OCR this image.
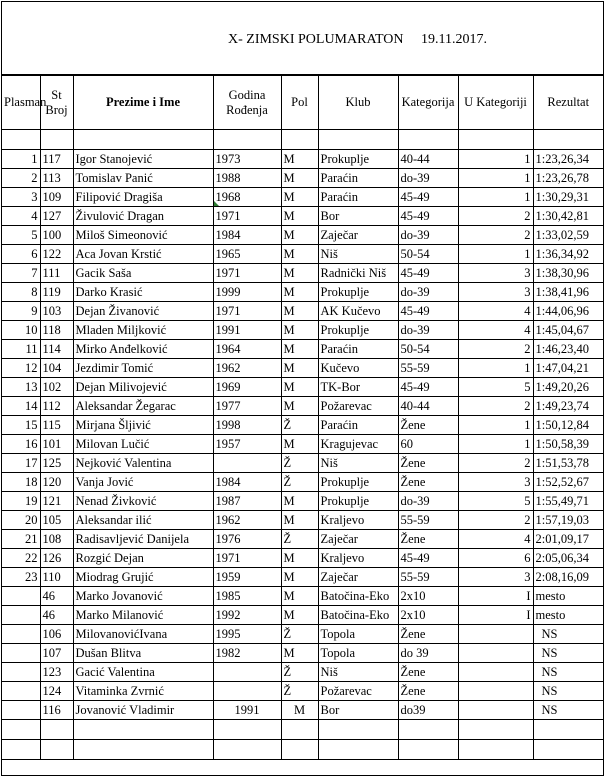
X- ZIMSKI POLUMARATON     19.11.2017.
Plasman	St Broj	Prezime i Ime	Godina Rođenja	Pol	Klub	Kategorija	U Kategoriji	Rezultat

1	117	Igor Stanojević	1973	M	Prokuplje	40-44	1	1:23,26,34
2	113	Tomislav Panić	1988	M	Paraćin	do-39	1	1:23,26,78
3	109	Filipović Dragiša	1968	M	Paraćin	45-49	1	1:30,29,31
4	127	Živulović Dragan	1971	M	Bor	45-49	2	1:30,42,81
5	100	Miloš Simeonović	1984	M	Zaječar	do-39	2	1:33,02,59
6	122	Aca Jovan Krstić	1965	M	Niš	50-54	1	1:36,34,92
7	111	Gacik Saša	1971	M	Radnički Niš	45-49	3	1:38,30,96
8	119	Darko Krasić	1999	M	Prokuplje	do-39	3	1:38,41,96
9	103	Dejan Živanović	1971	M	AK Kučevo	45-49	4	1:44,06,96
10	118	Mladen Miljković	1991	M	Prokuplje	do-39	4	1:45,04,67
11	114	Mirko Anđelković	1964	M	Paraćin	50-54	2	1:46,23,40
12	104	Jezdimir Tomić	1962	M	Kučevo	55-59	1	1:47,04,21
13	102	Dejan Milivojević	1969	M	TK-Bor	45-49	5	1:49,20,26
14	112	Aleksandar Žegarac	1977	M	Požarevac	40-44	2	1:49,23,74
15	115	Mirjana Šljivić	1998	Ž	Paraćin	Žene	1	1:50,12,84
16	101	Milovan Lučić	1957	M	Kragujevac	60	1	1:50,58,39
17	125	Nejković Valentina		Ž	Niš	Žene	2	1:51,53,78
18	120	Vanja Jović	1984	Ž	Prokuplje	Žene	3	1:52,52,67
19	121	Nenad Živković	1987	M	Prokuplje	do-39	5	1:55,49,71
20	105	Aleksandar ilić	1962	M	Kraljevo	55-59	2	1:57,19,03
21	108	Radisavljević Danijela	1976	Ž	Zaječar	Žene	4	2:01,09,17
22	126	Rozgić Dejan	1971	M	Kraljevo	45-49	6	2:05,06,34
23	110	Miodrag Grujić	1959	M	Zaječar	55-59	3	2:08,16,09
	46	Marko Jovanović	1985	M	Batočina-Eko	2x10	I	mesto
	46	Marko Milanović	1992	M	Batočina-Eko	2x10	I	mesto
	106	MilovanovićIvana	1995	Ž	Topola	Žene		NS
	107	Dušan Blitva	1982	M	Topola	do 39		NS
	123	Gacić Valentina		Ž	Niš	Žene		NS
	124	Vitaminka Zvrnić		Ž	Požarevac	Žene		NS
	116	Jovanović Vladimir	1991	M	Bor	do39		NS
